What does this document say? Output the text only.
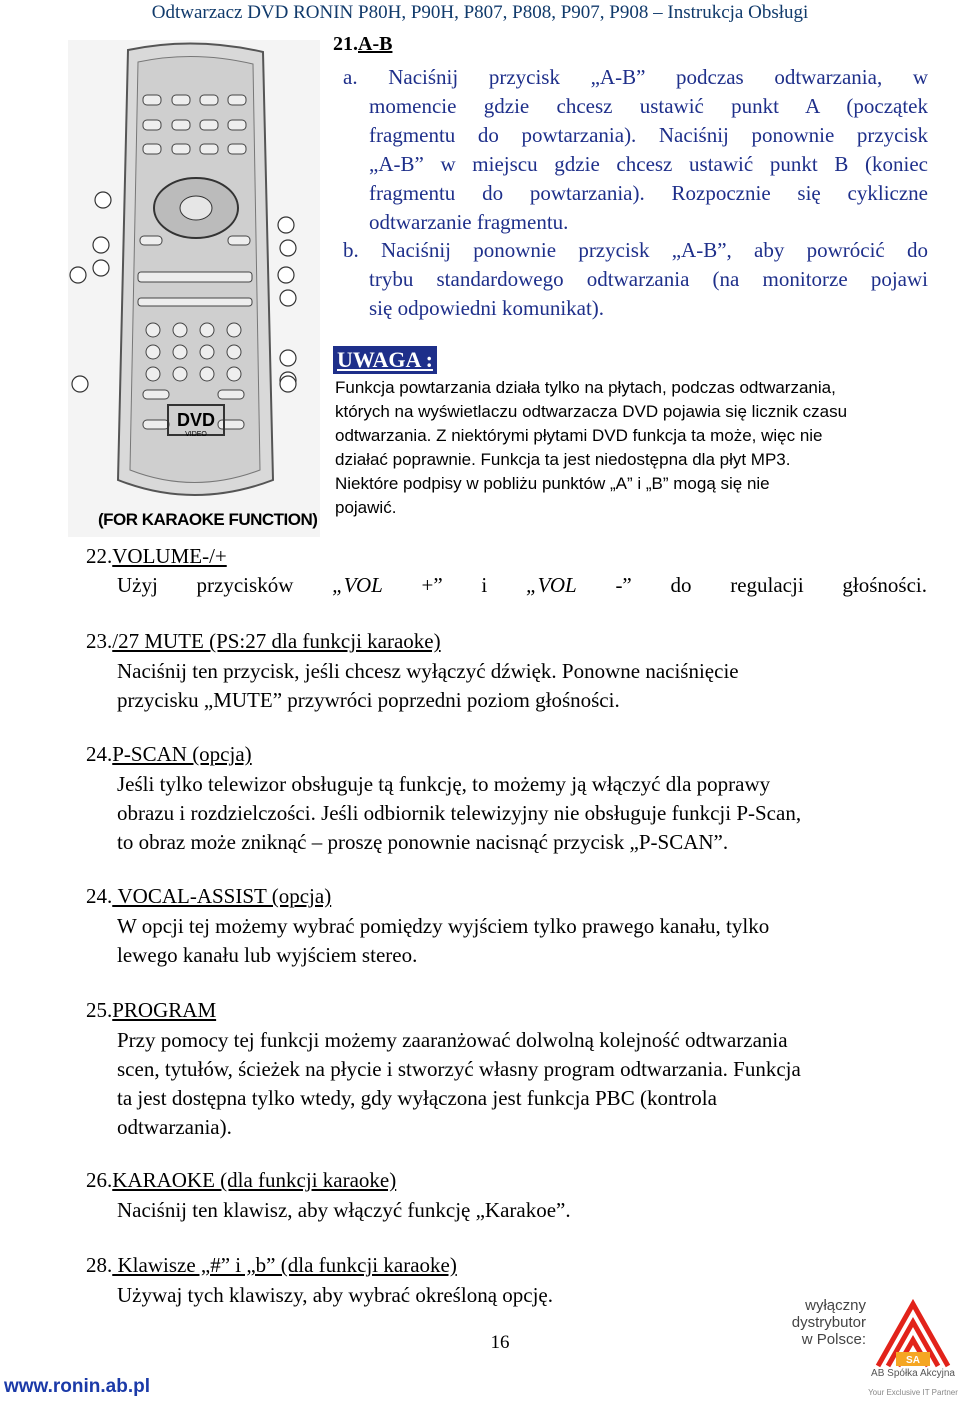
Odtwarzacz DVD RONIN P80H, P90H, P807, P808, P907, P908 – Instrukcja Obsługi
DVD
VIDEO
(FOR KARAOKE FUNCTION)
21.A-B
a. Naciśnij przycisk „A-B” podczas odtwarzania, w
momencie gdzie chcesz ustawić punkt A (początek
fragmentu do powtarzania). Naciśnij ponownie przycisk
„A-B” w miejscu gdzie chcesz ustawić punkt B (koniec
fragmentu do powtarzania). Rozpocznie się cykliczne
odtwarzanie fragmentu.
b. Naciśnij ponownie przycisk „A-B”, aby powrócić do
trybu standardowego odtwarzania (na monitorze pojawi
się odpowiedni komunikat).
UWAGA :
Funkcja powtarzania działa tylko na płytach, podczas odtwarzania,
których na wyświetlaczu odtwarzacza DVD pojawia się licznik czasu
odtwarzania. Z niektórymi płytami DVD funkcja ta może, więc nie
działać poprawnie. Funkcja ta jest niedostępna dla płyt MP3.
Niektóre podpisy w pobliżu punktów „A” i „B” mogą się nie
pojawić.
22.VOLUME-/+
Użyj przycisków „VOL +” i „VOL -” do regulacji głośności.
23./27 MUTE (PS:27 dla funkcji karaoke)
Naciśnij ten przycisk, jeśli chcesz wyłączyć dźwięk. Ponowne naciśnięcie
przycisku „MUTE” przywróci poprzedni poziom głośności.
24.P-SCAN (opcja)
Jeśli tylko telewizor obsługuje tą funkcję, to możemy ją włączyć dla poprawy
obrazu i rozdzielczości. Jeśli odbiornik telewizyjny nie obsługuje funkcji P-Scan,
to obraz może zniknąć – proszę ponownie nacisnąć przycisk „P-SCAN”.
24. VOCAL-ASSIST (opcja)
W opcji tej możemy wybrać pomiędzy wyjściem tylko prawego kanału, tylko
lewego kanału lub wyjściem stereo.
25.PROGRAM
Przy pomocy tej funkcji możemy zaaranżować dolwolną kolejność odtwarzania
scen, tytułów, ścieżek na płycie i stworzyć własny program odtwarzania. Funkcja
ta jest dostępna tylko wtedy, gdy wyłączona jest funkcja PBC (kontrola
odtwarzania).
26.KARAOKE (dla funkcji karaoke)
Naciśnij ten klawisz, aby włączyć funkcję „Karakoe”.
28. Klawisze „#” i „b” (dla funkcji karaoke)
Używaj tych klawiszy, aby wybrać określoną opcję.
16
www.ronin.ab.pl
wyłączny
dystrybutor
w Polsce:
SA
AB Spółka Akcyjna
Your Exclusive IT Partner
